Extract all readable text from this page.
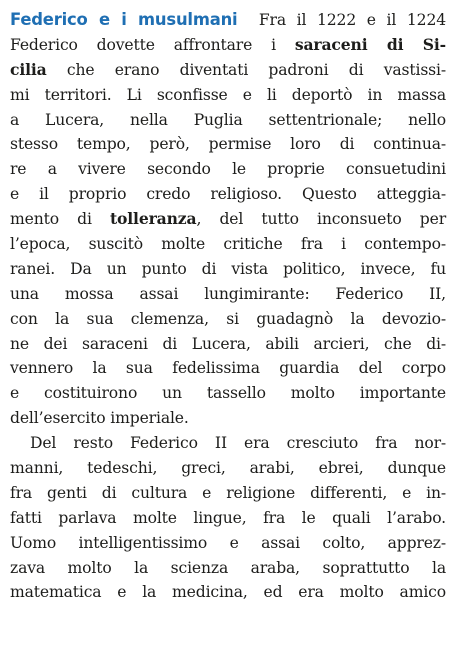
Federico e i musulmani Fra il 1222 e il 1224
Federico dovette affrontare i saraceni di Si-
cilia che erano diventati padroni di vastissi-
mi territori. Li sconfisse e li deportò in massa
a Lucera, nella Puglia settentrionale; nello
stesso tempo, però, permise loro di continua-
re a vivere secondo le proprie consuetudini
e il proprio credo religioso. Questo atteggia-
mento di tolleranza, del tutto inconsueto per
l’epoca, suscitò molte critiche fra i contempo-
ranei. Da un punto di vista politico, invece, fu
una mossa assai lungimirante: Federico II,
con la sua clemenza, si guadagnò la devozio-
ne dei saraceni di Lucera, abili arcieri, che di-
vennero la sua fedelissima guardia del corpo
e costituirono un tassello molto importante
dell’esercito imperiale.
Del resto Federico II era cresciuto fra nor-
manni, tedeschi, greci, arabi, ebrei, dunque
fra genti di cultura e religione differenti, e in-
fatti parlava molte lingue, fra le quali l’arabo.
Uomo intelligentissimo e assai colto, apprez-
zava molto la scienza araba, soprattutto la
matematica e la medicina, ed era molto amico
